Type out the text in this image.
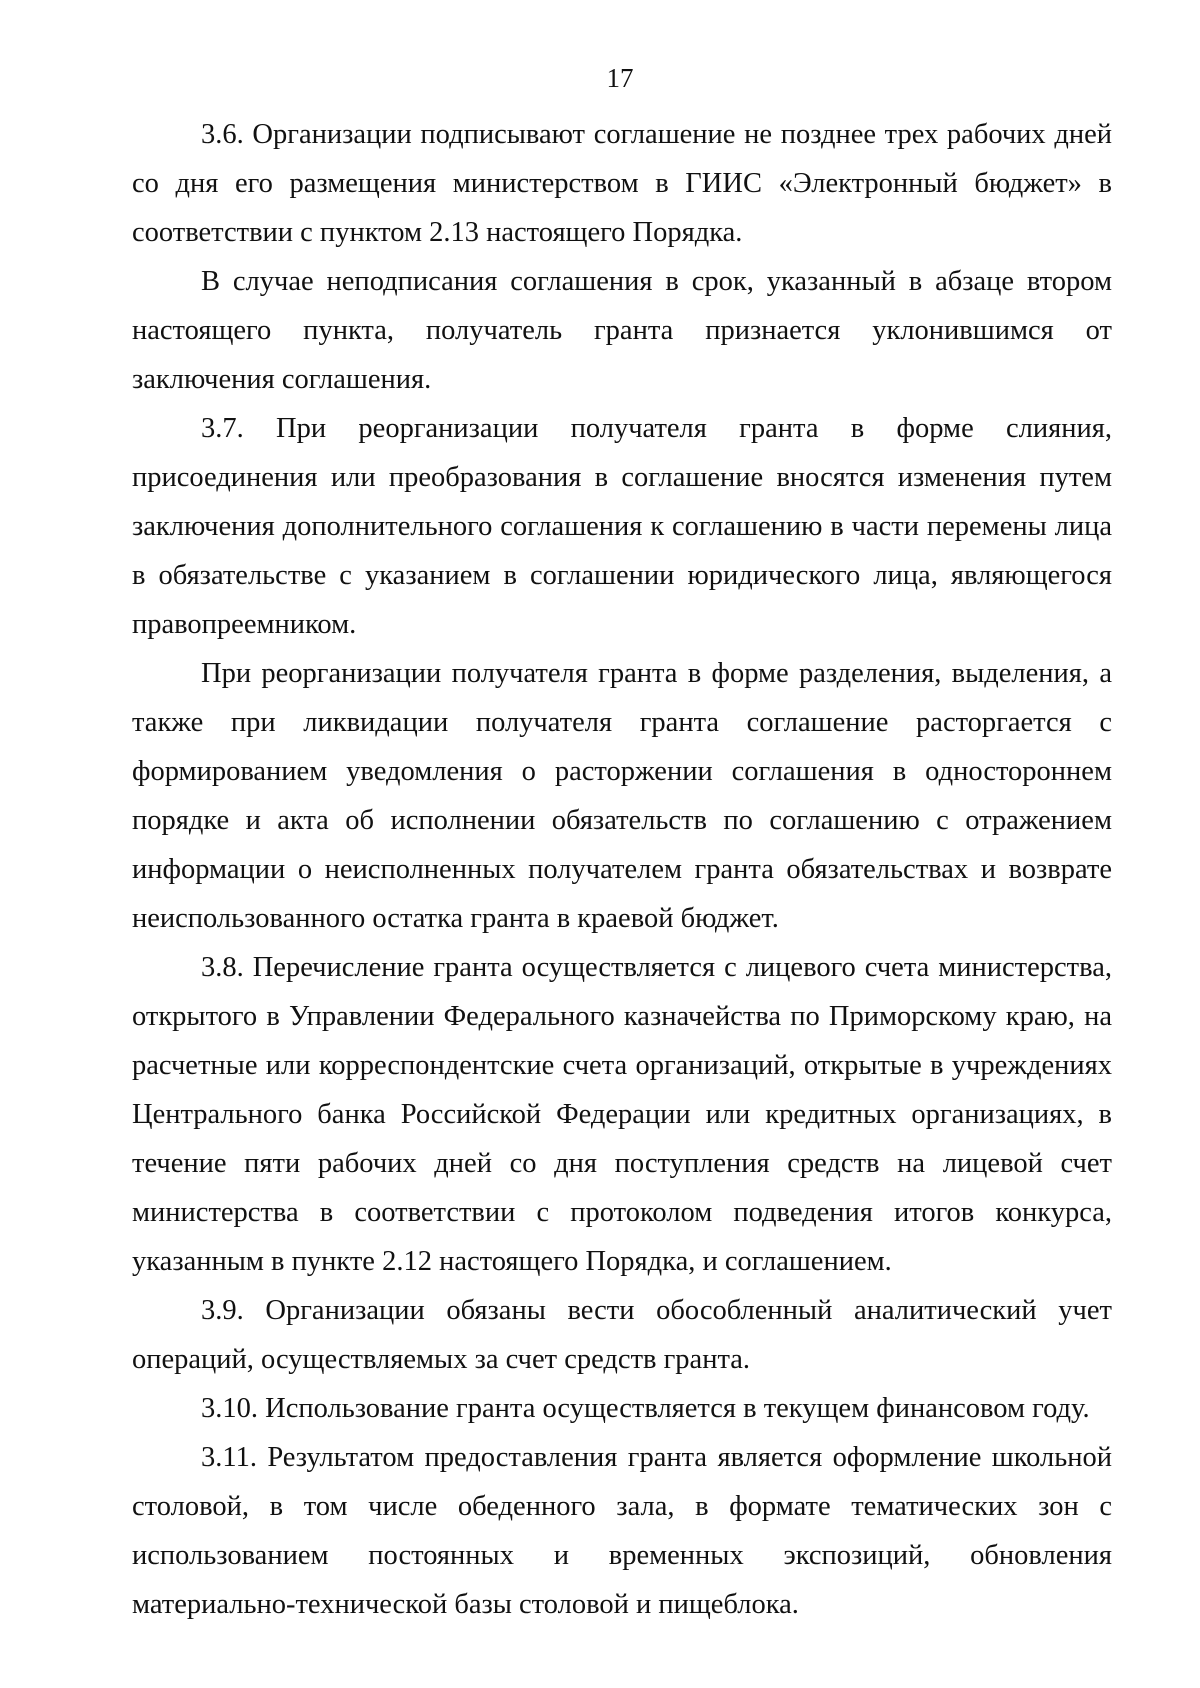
17

3.6. Организации подписывают соглашение не позднее трех рабочих дней со дня его размещения министерством в ГИИС «Электронный бюджет» в соответствии с пунктом 2.13 настоящего Порядка.

В случае неподписания соглашения в срок, указанный в абзаце втором настоящего пункта, получатель гранта признается уклонившимся от заключения соглашения.

3.7. При реорганизации получателя гранта в форме слияния, присоединения или преобразования в соглашение вносятся изменения путем заключения дополнительного соглашения к соглашению в части перемены лица в обязательстве с указанием в соглашении юридического лица, являющегося правопреемником.

При реорганизации получателя гранта в форме разделения, выделения, а также при ликвидации получателя гранта соглашение расторгается с формированием уведомления о расторжении соглашения в одностороннем порядке и акта об исполнении обязательств по соглашению с отражением информации о неисполненных получателем гранта обязательствах и возврате неиспользованного остатка гранта в краевой бюджет.

3.8. Перечисление гранта осуществляется с лицевого счета министерства, открытого в Управлении Федерального казначейства по Приморскому краю, на расчетные или корреспондентские счета организаций, открытые в учреждениях Центрального банка Российской Федерации или кредитных организациях, в течение пяти рабочих дней со дня поступления средств на лицевой счет министерства в соответствии с протоколом подведения итогов конкурса, указанным в пункте 2.12 настоящего Порядка, и соглашением.

3.9. Организации обязаны вести обособленный аналитический учет операций, осуществляемых за счет средств гранта.

3.10. Использование гранта осуществляется в текущем финансовом году.

3.11. Результатом предоставления гранта является оформление школьной столовой, в том числе обеденного зала, в формате тематических зон с использованием постоянных и временных экспозиций, обновления материально-технической базы столовой и пищеблока.
